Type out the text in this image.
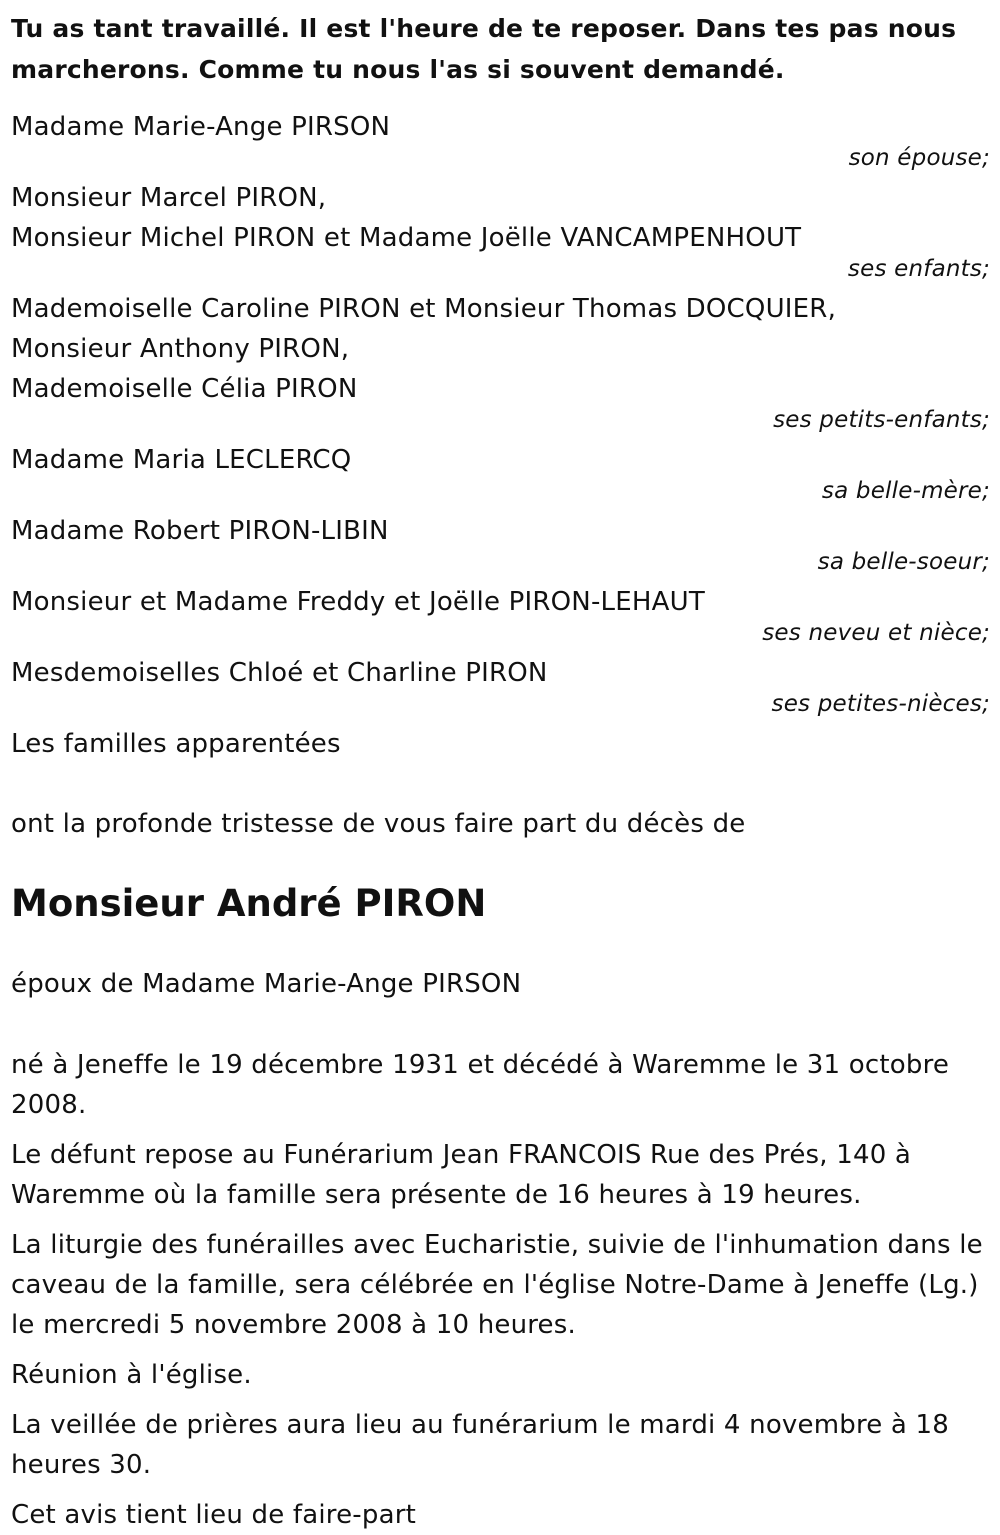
Tu as tant travaillé. Il est l'heure de te reposer. Dans tes pas nous marcherons. Comme tu nous l'as si souvent demandé.

Madame Marie-Ange PIRSON

son épouse;

Monsieur Marcel PIRON,

Monsieur Michel PIRON et Madame Joëlle VANCAMPENHOUT

ses enfants;

Mademoiselle Caroline PIRON et Monsieur Thomas DOCQUIER,

Monsieur Anthony PIRON,

Mademoiselle Célia PIRON

ses petits-enfants;

Madame Maria LECLERCQ

sa belle-mère;

Madame Robert PIRON-LIBIN

sa belle-soeur;

Monsieur et Madame Freddy et Joëlle PIRON-LEHAUT

ses neveu et nièce;

Mesdemoiselles Chloé et Charline PIRON

ses petites-nièces;

Les familles apparentées

ont la profonde tristesse de vous faire part du décès de

Monsieur André PIRON

époux de Madame Marie-Ange PIRSON

né à Jeneffe le 19 décembre 1931 et décédé à Waremme le 31 octobre 2008.

Le défunt repose au Funérarium Jean FRANCOIS Rue des Prés, 140 à Waremme où la famille sera présente de 16 heures à 19 heures.

La liturgie des funérailles avec Eucharistie, suivie de l'inhumation dans le caveau de la famille, sera célébrée en l'église Notre-Dame à Jeneffe (Lg.) le mercredi 5 novembre 2008 à 10 heures.

Réunion à l'église.

La veillée de prières aura lieu au funérarium le mardi 4 novembre à 18 heures 30.

Cet avis tient lieu de faire-part
